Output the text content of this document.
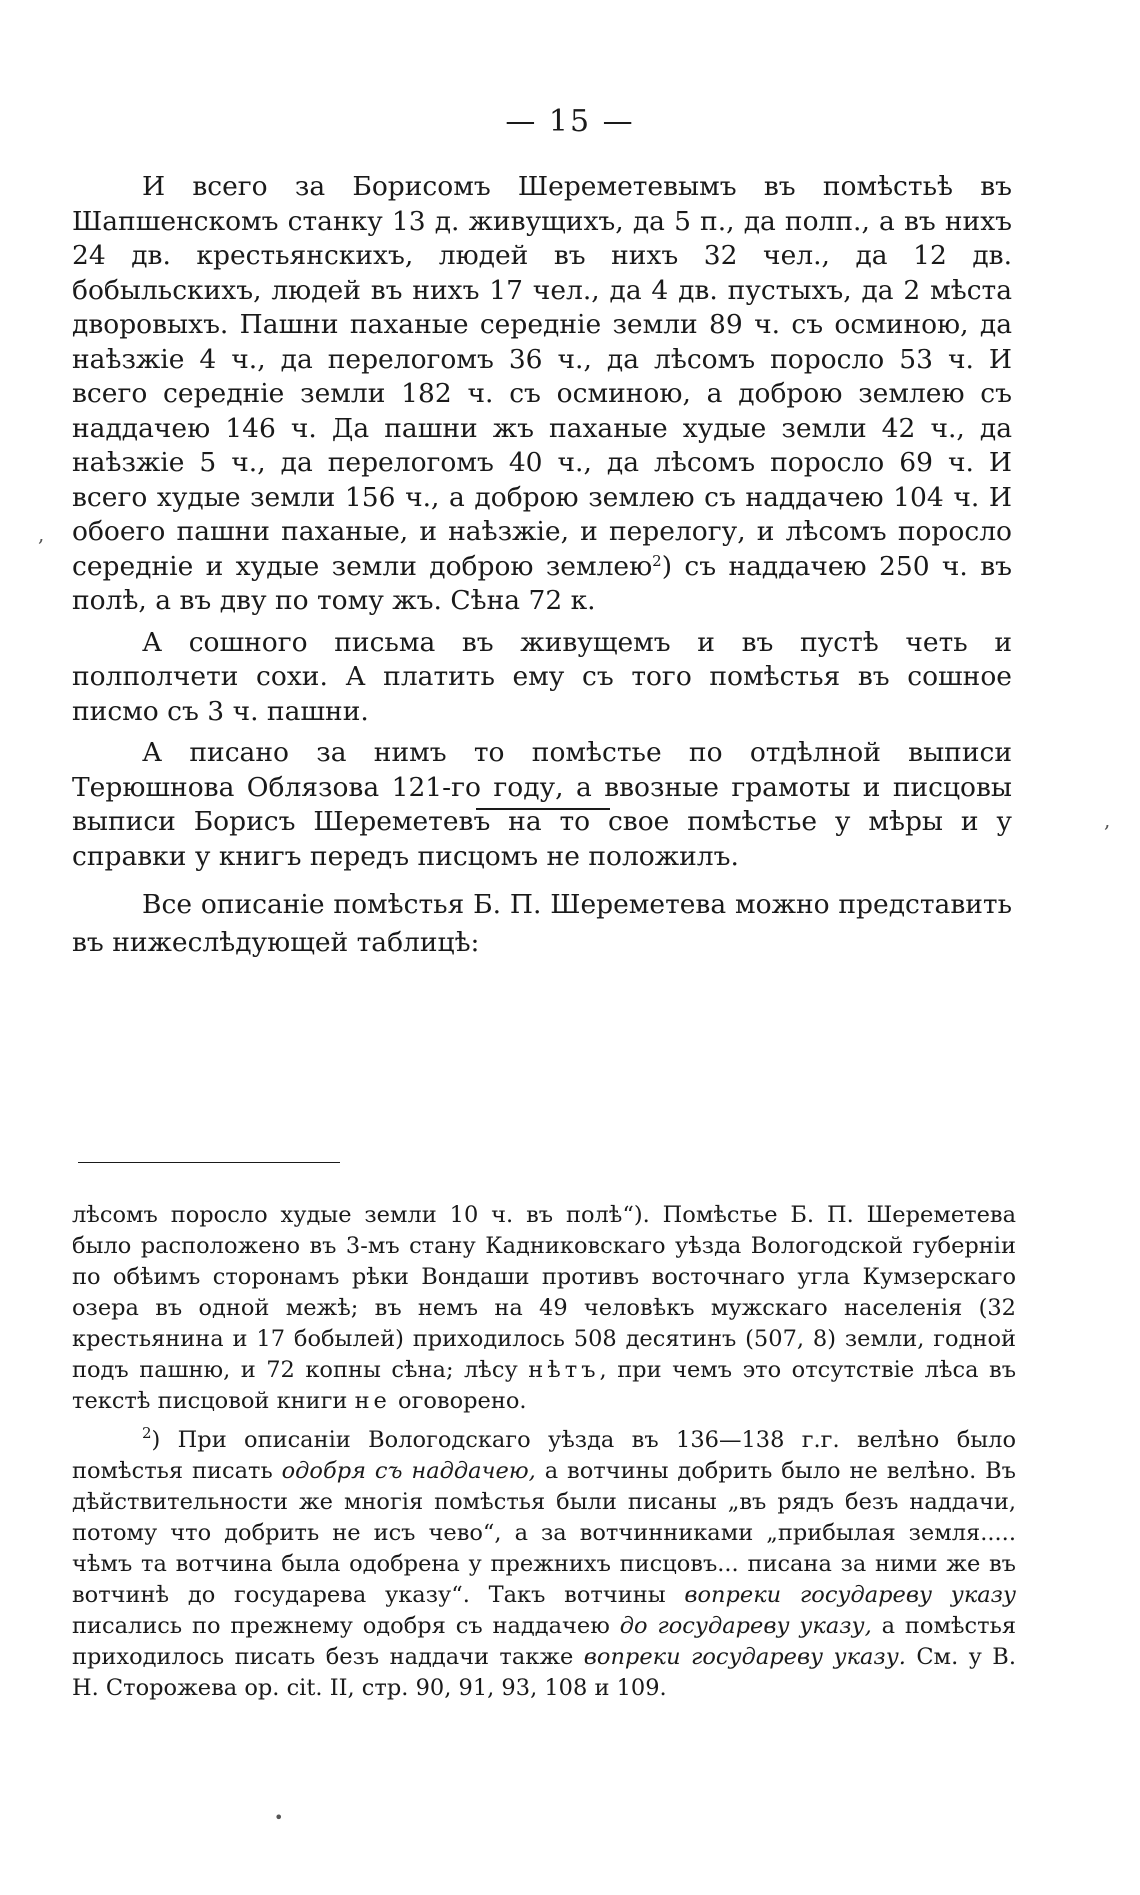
— 15 —

И всего за Борисомъ Шереметевымъ въ помѣстьѣ въ Шапшенскомъ станку 13 д. живущихъ, да 5 п., да полп., а въ нихъ 24 дв. крестьянскихъ, людей въ нихъ 32 чел., да 12 дв. бобыльскихъ, людей въ нихъ 17 чел., да 4 дв. пустыхъ, да 2 мѣста дворовыхъ. Пашни паханые середніе земли 89 ч. съ осминою, да наѣзжіе 4 ч., да перелогомъ 36 ч., да лѣсомъ поросло 53 ч. И всего середніе земли 182 ч. съ осминою, а доброю землею съ наддачею 146 ч. Да пашни жъ паханые худые земли 42 ч., да наѣзжіе 5 ч., да перелогомъ 40 ч., да лѣсомъ поросло 69 ч. И всего худые земли 156 ч., а доброю землею съ наддачею 104 ч. И обоего пашни паханые, и наѣзжіе, и перелогу, и лѣсомъ поросло середніе и худые земли доброю землею$^2$) съ наддачею 250 ч. въ полѣ, а въ дву по тому жъ. Сѣна 72 к.

А сошного письма въ живущемъ и въ пустѣ четь и полполчети сохи. А платить ему съ того помѣстья въ сошное писмо съ 3 ч. пашни.

А писано за нимъ то помѣстье по отдѣлной выписи Терюшнова Облязова 121-го году, а ввозные грамоты и писцовы выписи Борисъ Шереметевъ на то свое помѣстье у мѣры и у справки у книгъ передъ писцомъ не положилъ.

Все описаніе помѣстья Б. П. Шереметева можно представить въ нижеслѣдующей таблицѣ:

лѣсомъ поросло худые земли 10 ч. въ полѣ“). Помѣстье Б. П. Шереметева было расположено въ 3-мъ стану Кадниковскаго уѣзда Вологодской губерніи по обѣимъ сторонамъ рѣки Вондаши противъ восточнаго угла Кумзерскаго озера въ одной межѣ; въ немъ на 49 человѣкъ мужскаго населенія (32 крестьянина и 17 бобылей) приходилось 508 десятинъ (507, 8) земли, годной подъ пашню, и 72 копны сѣна; лѣсу нѣтъ, при чемъ это отсутствіе лѣса въ текстѣ писцовой книги не оговорено.

$^2$) При описаніи Вологодскаго уѣзда въ 136—138 г.г. велѣно было помѣстья писать одобря съ наддачею, а вотчины добрить было не велѣно. Въ дѣйствительности же многія помѣстья были писаны „въ рядъ безъ наддачи, потому что добрить не исъ чево“, а за вотчинниками „прибылая земля..... чѣмъ та вотчина была одобрена у прежнихъ писцовъ... писана за ними же въ вотчинѣ до государева указу“. Такъ вотчины вопреки государеву указу писались по прежнему одобря съ наддачею до государеву указу, а помѣстья приходилось писать безъ наддачи также вопреки государеву указу. См. у В. Н. Сторожева op. cit. II, стр. 90, 91, 93, 108 и 109.

,
,
•
